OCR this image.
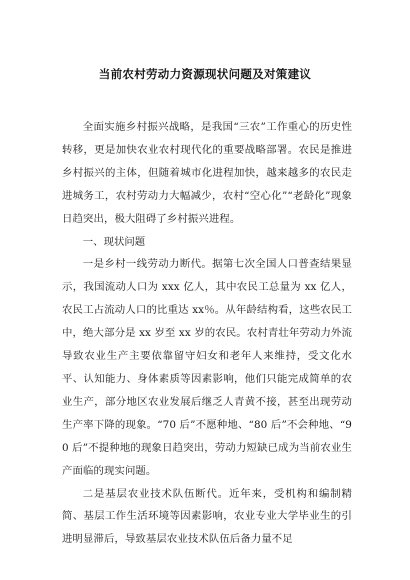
当前农村劳动力资源现状问题及对策建议

全面实施乡村振兴战略，是我国“三农”工作重心的历史性转移，更是加快农业农村现代化的重要战略部署。农民是推进乡村振兴的主体，但随着城市化进程加快，越来越多的农民走进城务工，农村劳动力大幅减少，农村“空心化”“老龄化”现象日趋突出，极大阻碍了乡村振兴进程。

一、现状问题

一是乡村一线劳动力断代。据第七次全国人口普查结果显示，我国流动人口为 xxx 亿人，其中农民工总量为 xx 亿人，农民工占流动人口的比重达 xx％。从年龄结构看，这些农民工中，绝大部分是 xx 岁至 xx 岁的农民。农村青壮年劳动力外流导致农业生产主要依靠留守妇女和老年人来维持，受文化水平、认知能力、身体素质等因素影响，他们只能完成简单的农业生产，部分地区农业发展后继乏人青黄不接，甚至出现劳动生产率下降的现象。“70 后”不愿种地、“80 后”不会种地、“90 后”不提种地的现象日趋突出，劳动力短缺已成为当前农业生产面临的现实问题。

二是基层农业技术队伍断代。近年来，受机构和编制精简、基层工作生活环境等因素影响，农业专业大学毕业生的引进明显滞后，导致基层农业技术队伍后备力量不足
